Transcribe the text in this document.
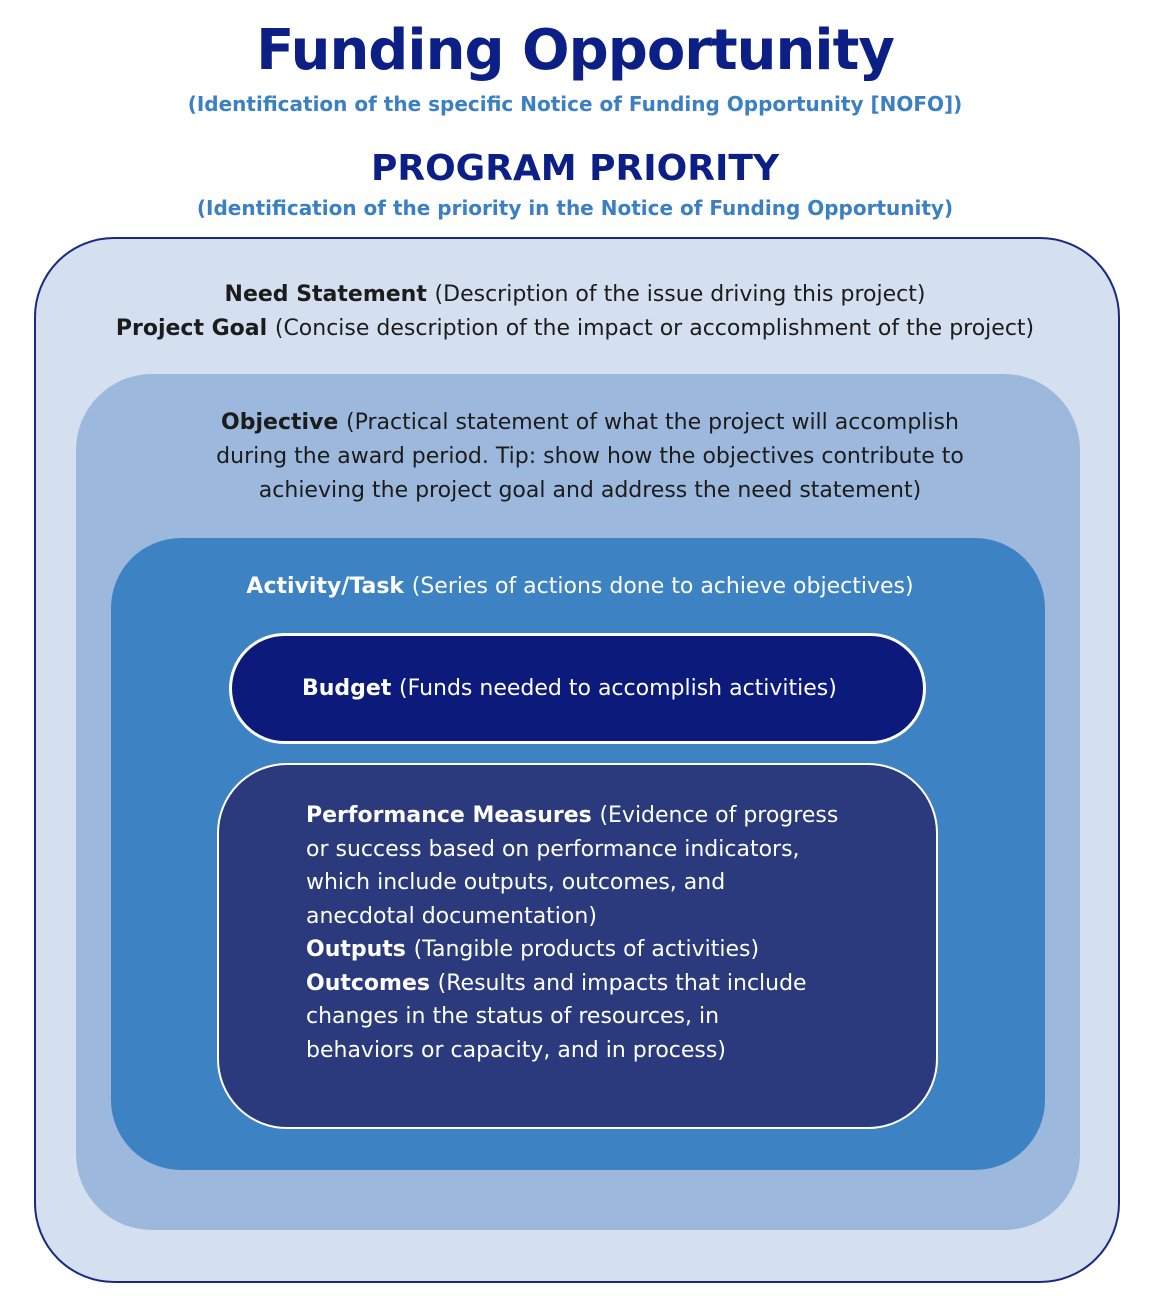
Funding Opportunity
(Identification of the specific Notice of Funding Opportunity [NOFO])
PROGRAM PRIORITY
(Identification of the priority in the Notice of Funding Opportunity)
Need Statement (Description of the issue driving this project)
Project Goal (Concise description of the impact or accomplishment of the project)
Objective (Practical statement of what the project will accomplish
during the award period. Tip: show how the objectives contribute to
achieving the project goal and address the need statement)
Activity/Task (Series of actions done to achieve objectives)
Budget (Funds needed to accomplish activities)
Performance Measures (Evidence of progress
or success based on performance indicators,
which include outputs, outcomes, and
anecdotal documentation)
Outputs (Tangible products of activities)
Outcomes (Results and impacts that include
changes in the status of resources, in
behaviors or capacity, and in process)
